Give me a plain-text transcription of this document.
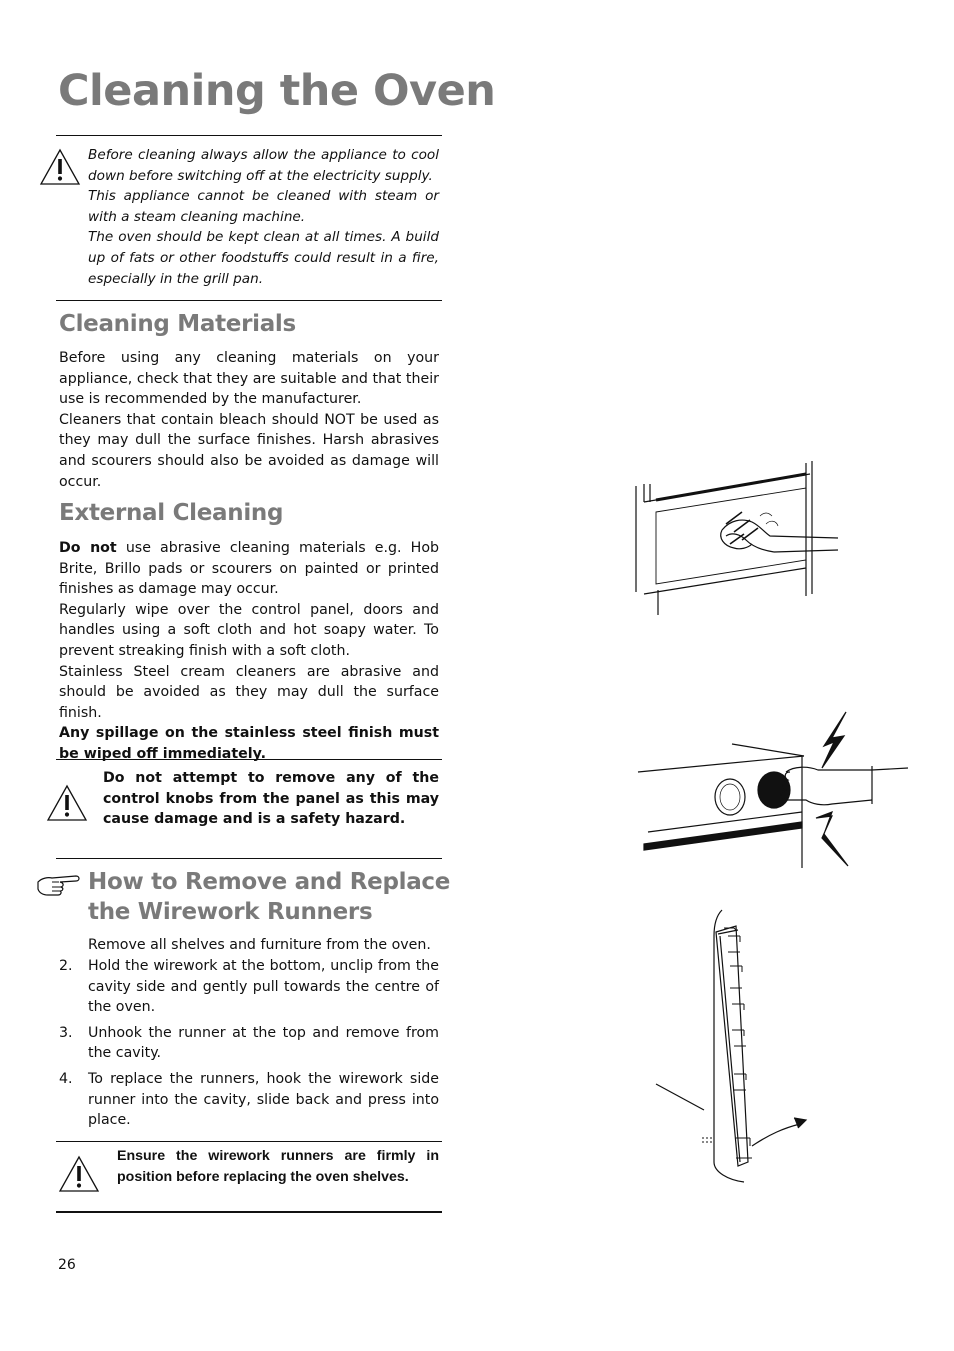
Cleaning the Oven

Before cleaning always allow the appliance to cool down before switching off at the electricity supply.

This appliance cannot be cleaned with steam or with a steam cleaning machine.

The oven should be kept clean at all times. A build up of fats or other foodstuffs could result in a fire, especially in the grill pan.

Cleaning Materials

Before using any cleaning materials on your appliance, check that they are suitable and that their use is recommended by the manufacturer.

Cleaners that contain bleach should NOT be used as they may dull the surface finishes. Harsh abrasives and scourers should also be avoided as damage will occur.

External Cleaning

Do not use abrasive cleaning materials e.g. Hob Brite, Brillo pads or scourers on painted or printed finishes as damage may occur.

Regularly wipe over the control panel, doors and handles using a soft cloth and hot soapy water. To prevent streaking finish with a soft cloth.

Stainless Steel cream cleaners are abrasive and should be avoided as they may dull the surface finish.

Any spillage on the stainless steel finish must be wiped off immediately.

Do not attempt to remove any of the control knobs from the panel as this may cause damage and is a safety hazard.
How to Remove and Replace
the Wirework Runners
Remove all shelves and furniture from the oven.
2. Hold the wirework at the bottom, unclip from the cavity side and gently pull towards the centre of the oven.
3. Unhook the runner at the top and remove from the cavity.
4. To replace the runners, hook the wirework side runner into the cavity, slide back and press into place.
Ensure the wirework runners are firmly in position before replacing the oven shelves.
26
